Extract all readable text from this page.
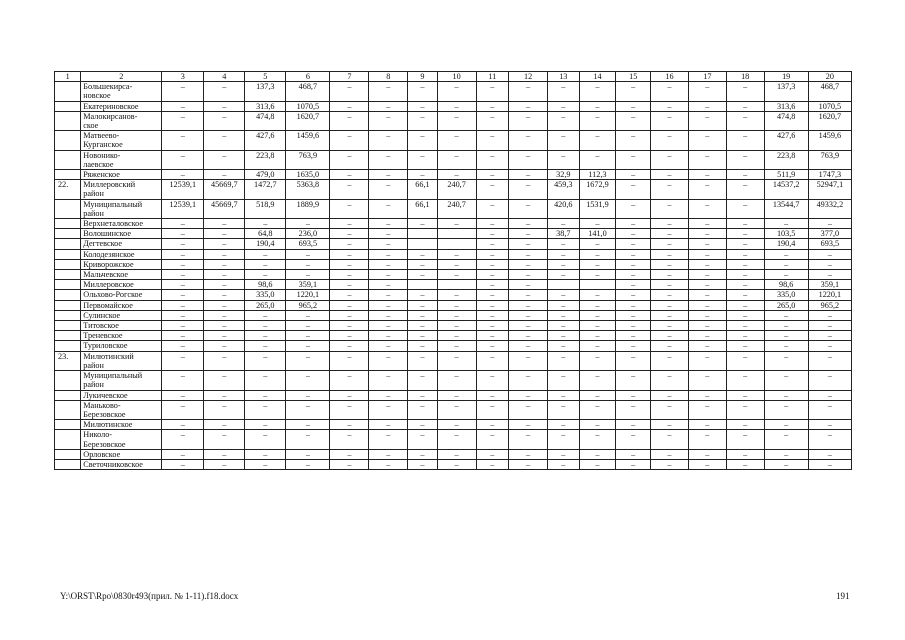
1	2	3	4	5	6	7	8	9	10	11	12	13	14	15	16	17	18	19	20
	Большекирса-
новское	–	–	137,3	468,7	–	–	–	–	–	–	–	–	–	–	–	–	137,3	468,7
	Екатериновское	–	–	313,6	1070,5	–	–	–	–	–	–	–	–	–	–	–	–	313,6	1070,5
	Малокирсанов-
ское	–	–	474,8	1620,7	–	–	–	–	–	–	–	–	–	–	–	–	474,8	1620,7
	Матвеево-
Курганское	–	–	427,6	1459,6	–	–	–	–	–	–	–	–	–	–	–	–	427,6	1459,6
	Новонико-
лаевское	–	–	223,8	763,9	–	–	–	–	–	–	–	–	–	–	–	–	223,8	763,9
	Ряженское	–	–	479,0	1635,0	–	–	–	–	–	–	32,9	112,3	–	–	–	–	511,9	1747,3
22.	Миллеровский
район	12539,1	45669,7	1472,7	5363,8	–	–	66,1	240,7	–	–	459,3	1672,9	–	–	–	–	14537,2	52947,1
	Муниципальный
район	12539,1	45669,7	518,9	1889,9	–	–	66,1	240,7	–	–	420,6	1531,9	–	–	–	–	13544,7	49332,2
	Верхнеталовское	–	–	–	–	–	–	–	–	–	–	–	–	–	–	–	–	–	–
	Волошинское	–	–	64,8	236,0	–	–			–	–	38,7	141,0	–	–	–	–	103,5	377,0
	Дегтевское	–	–	190,4	693,5	–	–			–	–	–	–	–	–	–	–	190,4	693,5
	Колодезянское	–	–	–	–	–	–	–	–	–	–	–	–	–	–	–	–	–	–
	Криворожское	–	–	–	–	–	–	–	–	–	–	–	–	–	–	–	–	–	–
	Мальчевское	–	–	–	–	–	–	–	–	–	–	–	–	–	–	–	–	–	–
	Миллеровское	–	–	98,6	359,1	–	–			–	–			–	–	–	–	98,6	359,1
	Ольхово-Рогское	–	–	335,0	1220,1	–	–	–	–	–	–	–	–	–	–	–	–	335,0	1220,1
	Первомайское	–	–	265,0	965,2	–	–	–	–	–	–	–	–	–	–	–	–	265,0	965,2
	Сулинское	–	–	–	–	–	–	–	–	–	–	–	–	–	–	–	–	–	–
	Титовское	–	–	–	–	–	–	–	–	–	–	–	–	–	–	–	–	–	–
	Треневское	–	–	–	–	–	–	–	–	–	–	–	–	–	–	–	–	–	–
	Туриловское	–	–	–	–	–	–	–	–	–	–	–	–	–	–	–	–	–	–
23.	Милютинский
район	–	–	–	–	–	–	–	–	–	–	–	–	–	–	–	–	–	–
	Муниципальный
район	–	–	–	–	–	–	–	–	–	–	–	–	–	–	–	–	–	–
	Лукичевское	–	–	–	–	–	–	–	–	–	–	–	–	–	–	–	–	–	–
	Маньково-
Березовское	–	–	–	–	–	–	–	–	–	–	–	–	–	–	–	–	–	–
	Милютинское	–	–	–	–	–	–	–	–	–	–	–	–	–	–	–	–	–	–
	Николо-
Березовское	–	–	–	–	–	–	–	–	–	–	–	–	–	–	–	–	–	–
	Орловское	–	–	–	–	–	–	–	–	–	–	–	–	–	–	–	–	–	–
	Светочниковское	–	–	–	–	–	–	–	–	–	–	–	–	–	–	–	–	–	–
Y:\ORST\Rpo\0830r493(прил. № 1-11).f18.docx	191
